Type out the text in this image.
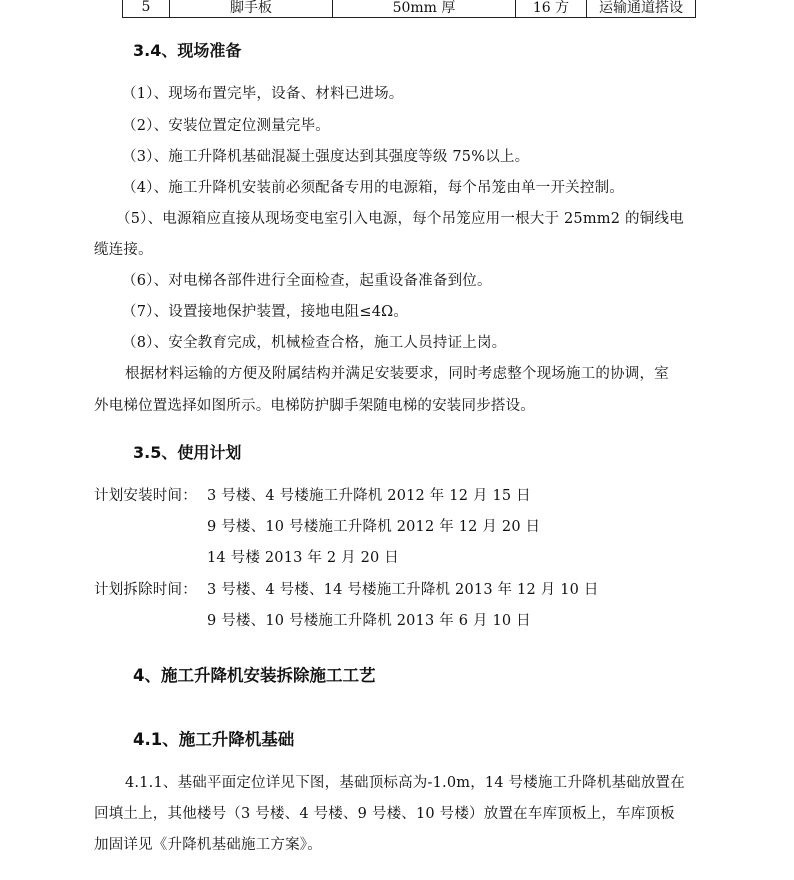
5	脚手板	50mm 厚	16 方	运输通道搭设
3.4、现场准备
（1）、现场布置完毕，设备、材料已进场。
（2）、安装位置定位测量完毕。
（3）、施工升降机基础混凝土强度达到其强度等级 75%以上。
（4）、施工升降机安装前必须配备专用的电源箱，每个吊笼由单一开关控制。
（5）、电源箱应直接从现场变电室引入电源，每个吊笼应用一根大于 25mm2 的铜线电
缆连接。
（6）、对电梯各部件进行全面检查，起重设备准备到位。
（7）、设置接地保护装置，接地电阻≤4Ω。
（8）、安全教育完成，机械检查合格，施工人员持证上岗。
根据材料运输的方便及附属结构并满足安装要求，同时考虑整个现场施工的协调，室
外电梯位置选择如图所示。电梯防护脚手架随电梯的安装同步搭设。
3.5、使用计划
计划安装时间： 3 号楼、4 号楼施工升降机 2012 年 12 月 15 日
9 号楼、10 号楼施工升降机 2012 年 12 月 20 日
14 号楼 2013 年 2 月 20 日
计划拆除时间： 3 号楼、4 号楼、14 号楼施工升降机 2013 年 12 月 10 日
9 号楼、10 号楼施工升降机 2013 年 6 月 10 日
4、施工升降机安装拆除施工工艺
4.1、施工升降机基础
4.1.1、基础平面定位详见下图，基础顶标高为-1.0m，14 号楼施工升降机基础放置在
回填土上，其他楼号（3 号楼、4 号楼、9 号楼、10 号楼）放置在车库顶板上，车库顶板
加固详见《升降机基础施工方案》。
